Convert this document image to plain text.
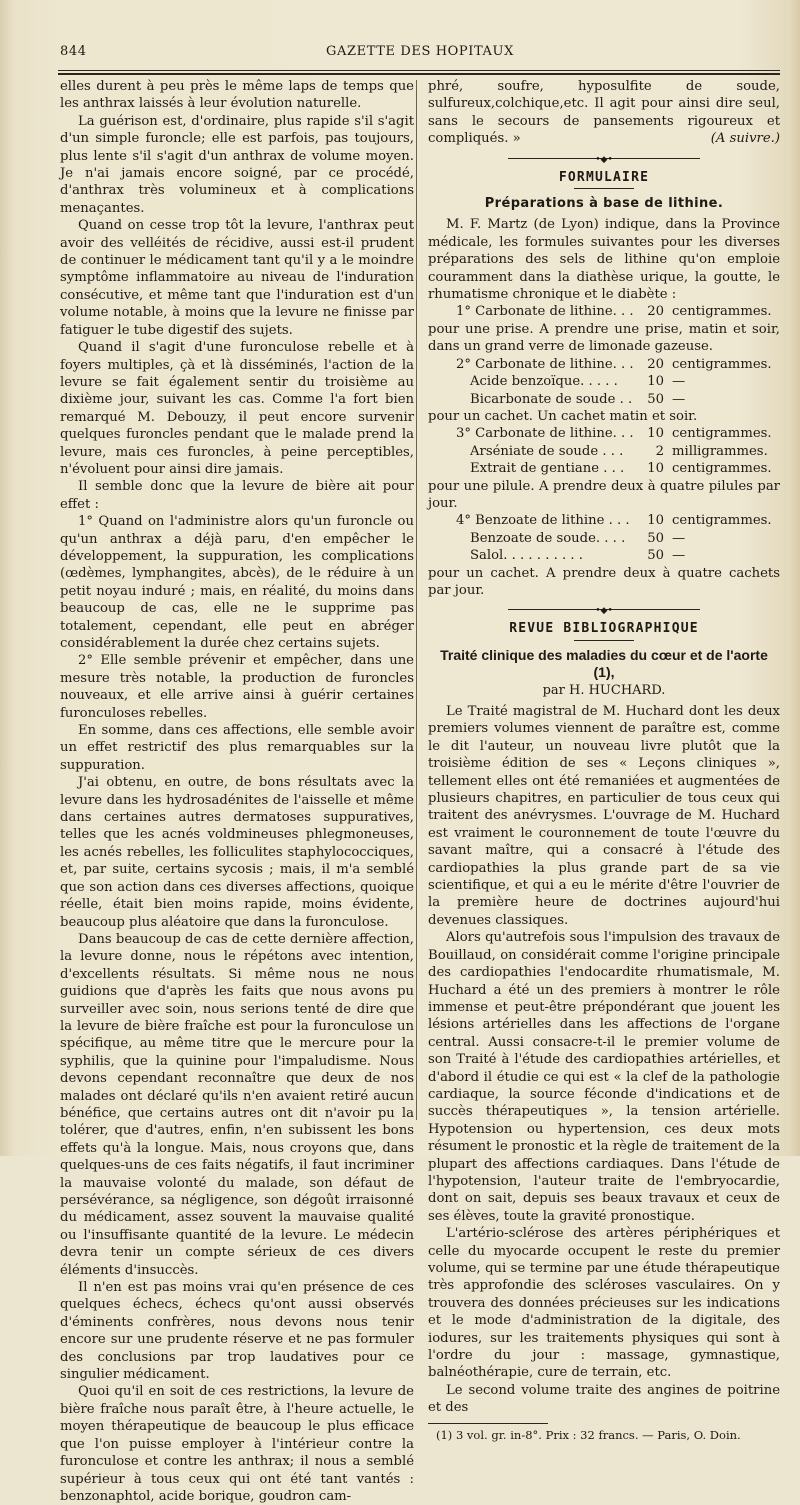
844	GAZETTE DES HOPITAUX

elles durent à peu près le même laps de temps que les anthrax laissés à leur évolution naturelle.

La guérison est, d'ordinaire, plus rapide s'il s'agit d'un simple furoncle; elle est parfois, pas toujours, plus lente s'il s'agit d'un anthrax de volume moyen. Je n'ai jamais encore soigné, par ce procédé, d'anthrax très volumineux et à complications menaçantes.

Quand on cesse trop tôt la levure, l'anthrax peut avoir des velléités de récidive, aussi est-il prudent de continuer le médicament tant qu'il y a le moindre symptôme inflammatoire au niveau de l'induration consécutive, et même tant que l'induration est d'un volume notable, à moins que la levure ne finisse par fatiguer le tube digestif des sujets.

Quand il s'agit d'une furonculose rebelle et à foyers multiples, çà et là disséminés, l'action de la levure se fait également sentir du troisième au dixième jour, suivant les cas. Comme l'a fort bien remarqué M. Debouzy, il peut encore survenir quelques furoncles pendant que le malade prend la levure, mais ces furoncles, à peine perceptibles, n'évoluent pour ainsi dire jamais.

Il semble donc que la levure de bière ait pour effet :

1° Quand on l'administre alors qu'un furoncle ou qu'un anthrax a déjà paru, d'en empêcher le développement, la suppuration, les complications (œdèmes, lymphangites, abcès), de le réduire à un petit noyau induré ; mais, en réalité, du moins dans beaucoup de cas, elle ne le supprime pas totalement, cependant, elle peut en abréger considérablement la durée chez certains sujets.

2° Elle semble prévenir et empêcher, dans une mesure très notable, la production de furoncles nouveaux, et elle arrive ainsi à guérir certaines furonculoses rebelles.

En somme, dans ces affections, elle semble avoir un effet restrictif des plus remarquables sur la suppuration.

J'ai obtenu, en outre, de bons résultats avec la levure dans les hydrosadénites de l'aisselle et même dans certaines autres dermatoses suppuratives, telles que les acnés voldmineuses phlegmoneuses, les acnés rebelles, les folliculites staphylococciques, et, par suite, certains sycosis ; mais, il m'a semblé que son action dans ces diverses affections, quoique réelle, était bien moins rapide, moins évidente, beaucoup plus aléatoire que dans la furonculose.

Dans beaucoup de cas de cette dernière affection, la levure donne, nous le répétons avec intention, d'excellents résultats. Si même nous ne nous guidions que d'après les faits que nous avons pu surveiller avec soin, nous serions tenté de dire que la levure de bière fraîche est pour la furonculose un spécifique, au même titre que le mercure pour la syphilis, que la quinine pour l'impaludisme. Nous devons cependant reconnaître que deux de nos malades ont déclaré qu'ils n'en avaient retiré aucun bénéfice, que certains autres ont dit n'avoir pu la tolérer, que d'autres, enfin, n'en subissent les bons effets qu'à la longue. Mais, nous croyons que, dans quelques-uns de ces faits négatifs, il faut incriminer la mauvaise volonté du malade, son défaut de persévérance, sa négligence, son dégoût irraisonné du médicament, assez souvent la mauvaise qualité ou l'insuffisante quantité de la levure. Le médecin devra tenir un compte sérieux de ces divers éléments d'insuccès.

Il n'en est pas moins vrai qu'en présence de ces quelques échecs, échecs qu'ont aussi observés d'éminents confrères, nous devons nous tenir encore sur une prudente réserve et ne pas formuler des conclusions par trop laudatives pour ce singulier médicament.

Quoi qu'il en soit de ces restrictions, la levure de bière fraîche nous paraît être, à l'heure actuelle, le moyen thérapeutique de beaucoup le plus efficace que l'on puisse employer à l'intérieur contre la furonculose et contre les anthrax; il nous a semblé supérieur à tous ceux qui ont été tant vantés : benzonaphtol, acide borique, goudron cam-

phré, soufre, hyposulfite de soude, sulfureux,colchique,etc. Il agit pour ainsi dire seul, sans le secours de pansements rigoureux et compliqués. »	(A suivre.)

•◆•
FORMULAIRE
Préparations à base de lithine.

M. F. Martz (de Lyon) indique, dans la Province médicale, les formules suivantes pour les diverses préparations des sels de lithine qu'on emploie couramment dans la diathèse urique, la goutte, le rhumatisme chronique et le diabète :

1° Carbonate de lithine. . .	20 centigrammes.

pour une prise. A prendre une prise, matin et soir, dans un grand verre de limonade gazeuse.

2° Carbonate de lithine. . .	20 centigrammes.
Acide benzoïque. . . . .	10 —
Bicarbonate de soude . .	50 —

pour un cachet. Un cachet matin et soir.

3° Carbonate de lithine. . .	10 centigrammes.
Arséniate de soude . . .	2 milligrammes.
Extrait de gentiane . . .	10 centigrammes.

pour une pilule. A prendre deux à quatre pilules par jour.

4° Benzoate de lithine . . .	10 centigrammes.
Benzoate de soude. . . .	50 —
Salol. . . . . . . . . .	50 —

pour un cachet. A prendre deux à quatre cachets par jour.

•◆•
REVUE BIBLIOGRAPHIQUE
Traité clinique des maladies du cœur et de l'aorte (1),
par H. HUCHARD.

Le Traité magistral de M. Huchard dont les deux premiers volumes viennent de paraître est, comme le dit l'auteur, un nouveau livre plutôt que la troisième édition de ses « Leçons cliniques », tellement elles ont été remaniées et augmentées de plusieurs chapitres, en particulier de tous ceux qui traitent des anévrysmes. L'ouvrage de M. Huchard est vraiment le couronnement de toute l'œuvre du savant maître, qui a consacré à l'étude des cardiopathies la plus grande part de sa vie scientifique, et qui a eu le mérite d'être l'ouvrier de la première heure de doctrines aujourd'hui devenues classiques.

Alors qu'autrefois sous l'impulsion des travaux de Bouillaud, on considérait comme l'origine principale des cardiopathies l'endocardite rhumatismale, M. Huchard a été un des premiers à montrer le rôle immense et peut-être prépondérant que jouent les lésions artérielles dans les affections de l'organe central. Aussi consacre-t-il le premier volume de son Traité à l'étude des cardiopathies artérielles, et d'abord il étudie ce qui est « la clef de la pathologie cardiaque, la source féconde d'indications et de succès thérapeutiques », la tension artérielle. Hypotension ou hypertension, ces deux mots résument le pronostic et la règle de traitement de la plupart des affections cardiaques. Dans l'étude de l'hypotension, l'auteur traite de l'embryocardie, dont on sait, depuis ses beaux travaux et ceux de ses élèves, toute la gravité pronostique.

L'artério-sclérose des artères périphériques et celle du myocarde occupent le reste du premier volume, qui se termine par une étude thérapeutique très approfondie des scléroses vasculaires. On y trouvera des données précieuses sur les indications et le mode d'administration de la digitale, des iodures, sur les traitements physiques qui sont à l'ordre du jour : massage, gymnastique, balnéothérapie, cure de terrain, etc.

Le second volume traite des angines de poitrine et des

(1) 3 vol. gr. in-8°. Prix : 32 francs. — Paris, O. Doin.
